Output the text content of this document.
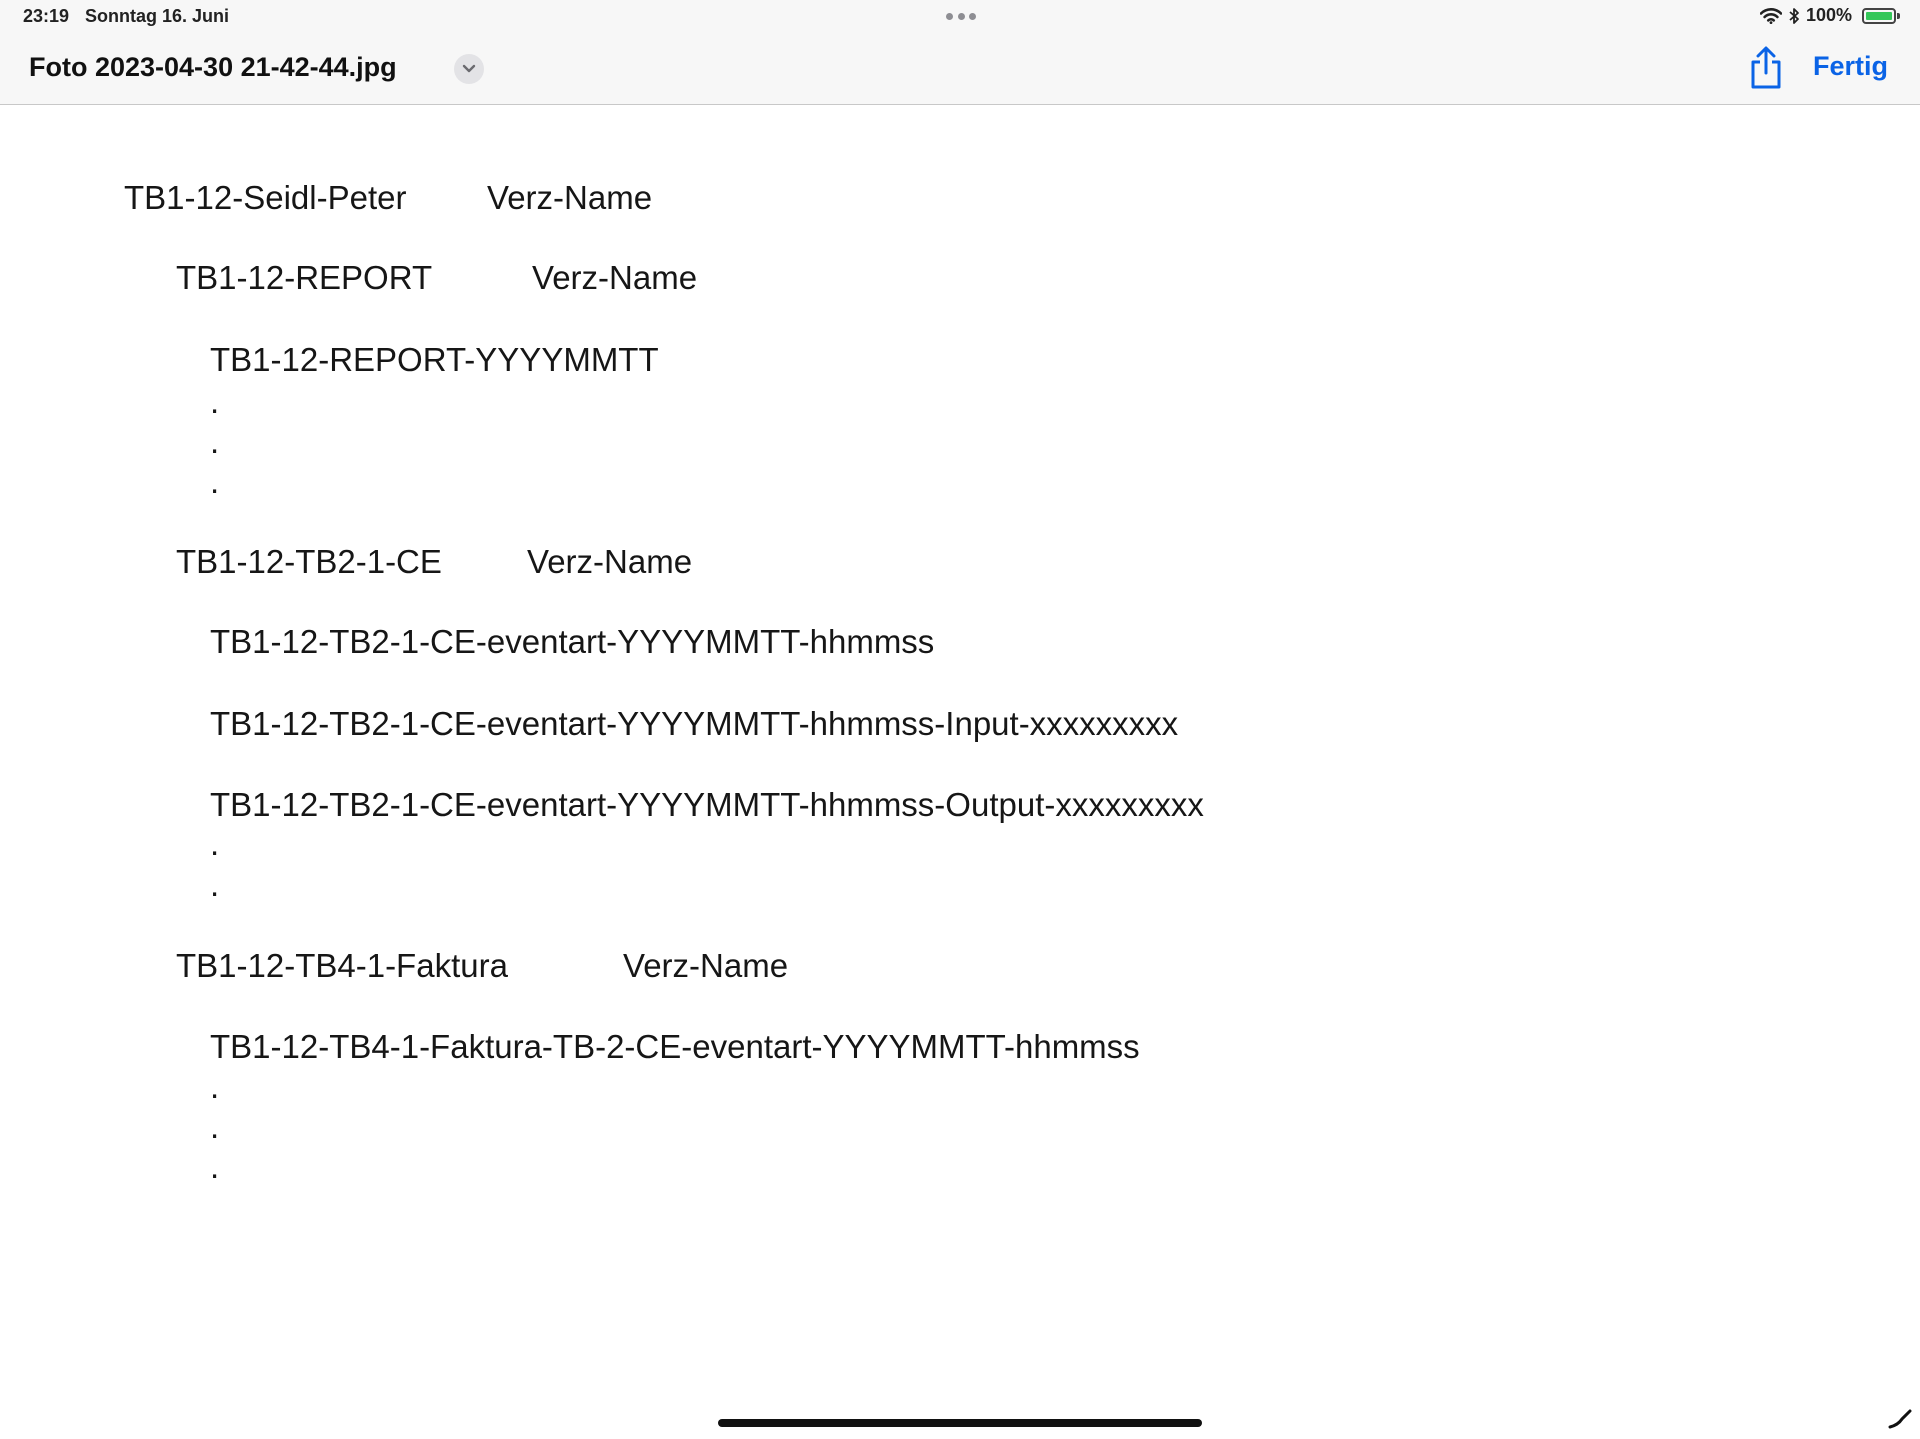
23:19 Sonntag 16. Juni	100%
Foto 2023-04-30 21-42-44.jpg	Fertig
TB1-12-Seidl-Peter Verz-Name
TB1-12-REPORT	Verz-Name
TB1-12-REPORT-YYYYMMTT
.
.
.
TB1-12-TB2-1-CE	Verz-Name
TB1-12-TB2-1-CE-eventart-YYYYMMTT-hhmmss
TB1-12-TB2-1-CE-eventart-YYYYMMTT-hhmmss-Input-xxxxxxxxx
TB1-12-TB2-1-CE-eventart-YYYYMMTT-hhmmss-Output-xxxxxxxxx
.
.
TB1-12-TB4-1-Faktura	Verz-Name
TB1-12-TB4-1-Faktura-TB-2-CE-eventart-YYYYMMTT-hhmmss
.
.
.
